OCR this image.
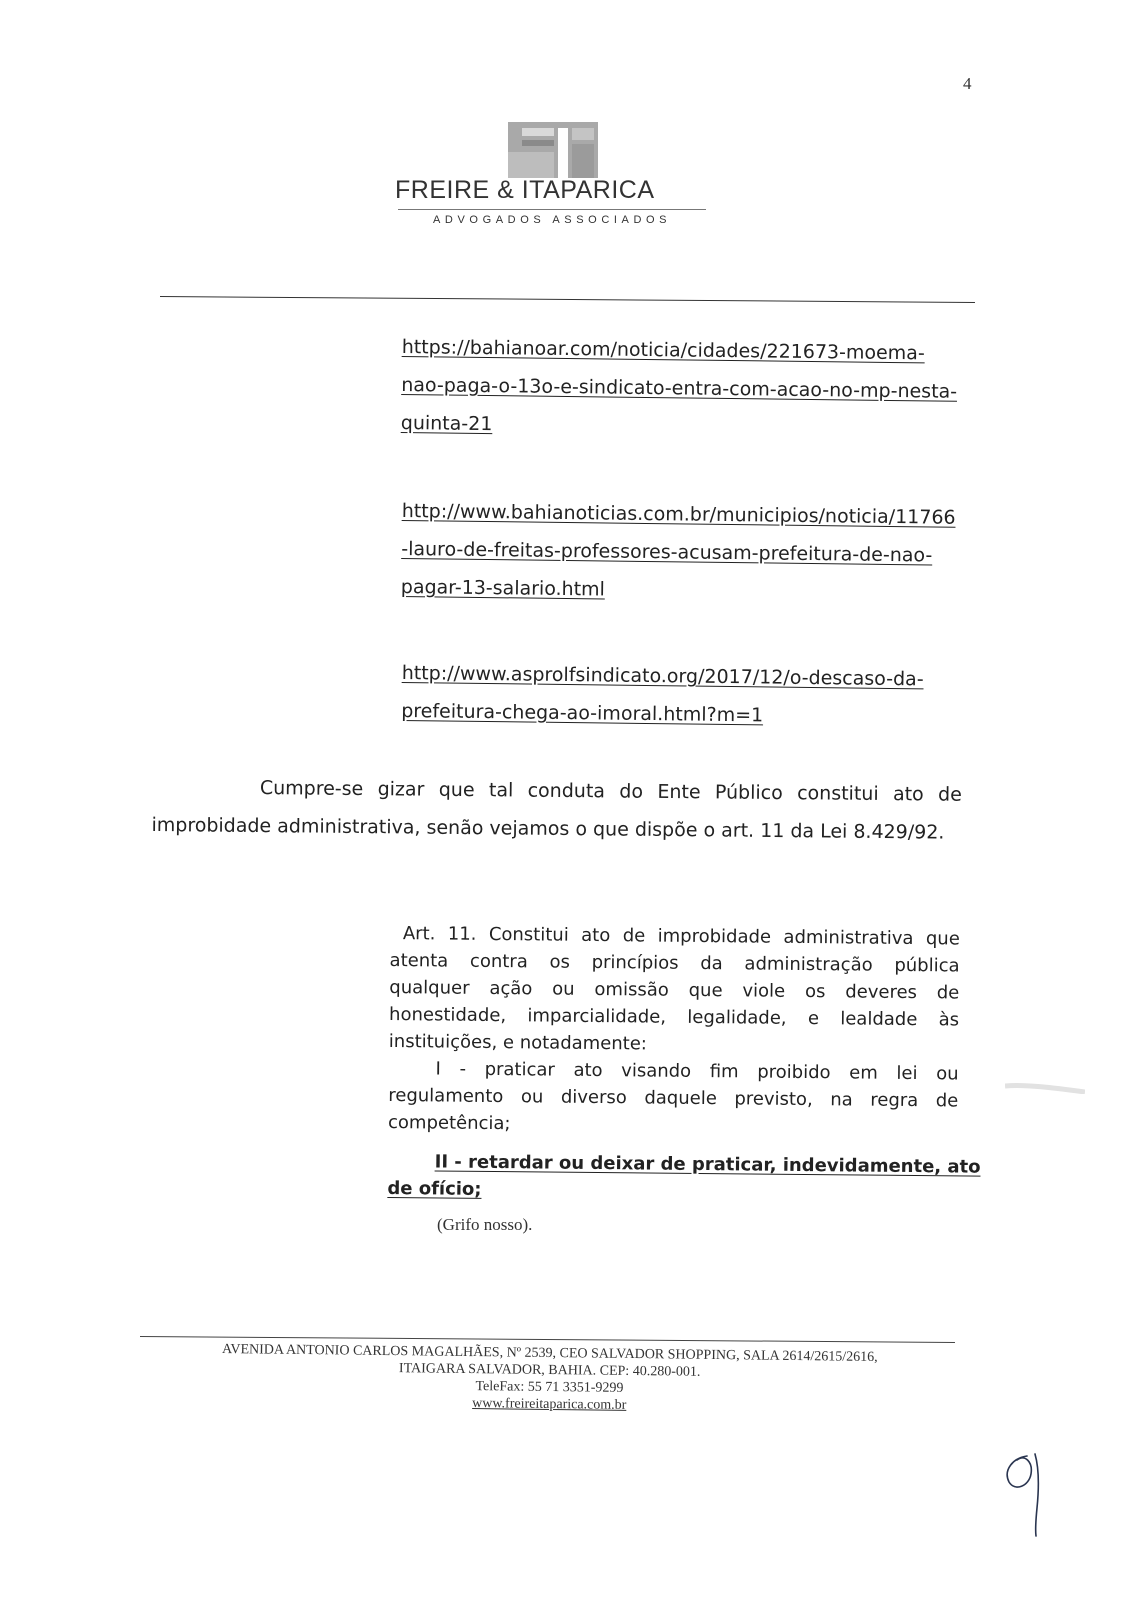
4
FREIRE & ITAPARICA
ADVOGADOS ASSOCIADOS
https://bahianoar.com/noticia/cidades/221673-moema-
nao-paga-o-13o-e-sindicato-entra-com-acao-no-mp-nesta-
quinta-21
http://www.bahianoticias.com.br/municipios/noticia/11766
-lauro-de-freitas-professores-acusam-prefeitura-de-nao-
pagar-13-salario.html
http://www.asprolfsindicato.org/2017/12/o-descaso-da-
prefeitura-chega-ao-imoral.html?m=1
Cumpre-se gizar que tal conduta do Ente Público constitui ato de
improbidade administrativa, senão vejamos o que dispõe o art. 11 da Lei 8.429/92.
Art. 11. Constitui ato de improbidade administrativa que
atenta contra os princípios da administração pública
qualquer ação ou omissão que viole os deveres de
honestidade, imparcialidade, legalidade, e lealdade às
instituições, e notadamente:
I - praticar ato visando fim proibido em lei ou
regulamento ou diverso daquele previsto, na regra de
competência;
II - retardar ou deixar de praticar, indevidamente, ato
de ofício;
(Grifo nosso).
AVENIDA ANTONIO CARLOS MAGALHÃES, Nº 2539, CEO SALVADOR SHOPPING, SALA 2614/2615/2616,
ITAIGARA SALVADOR, BAHIA. CEP: 40.280-001.
TeleFax: 55 71 3351-9299
www.freireitaparica.com.br
